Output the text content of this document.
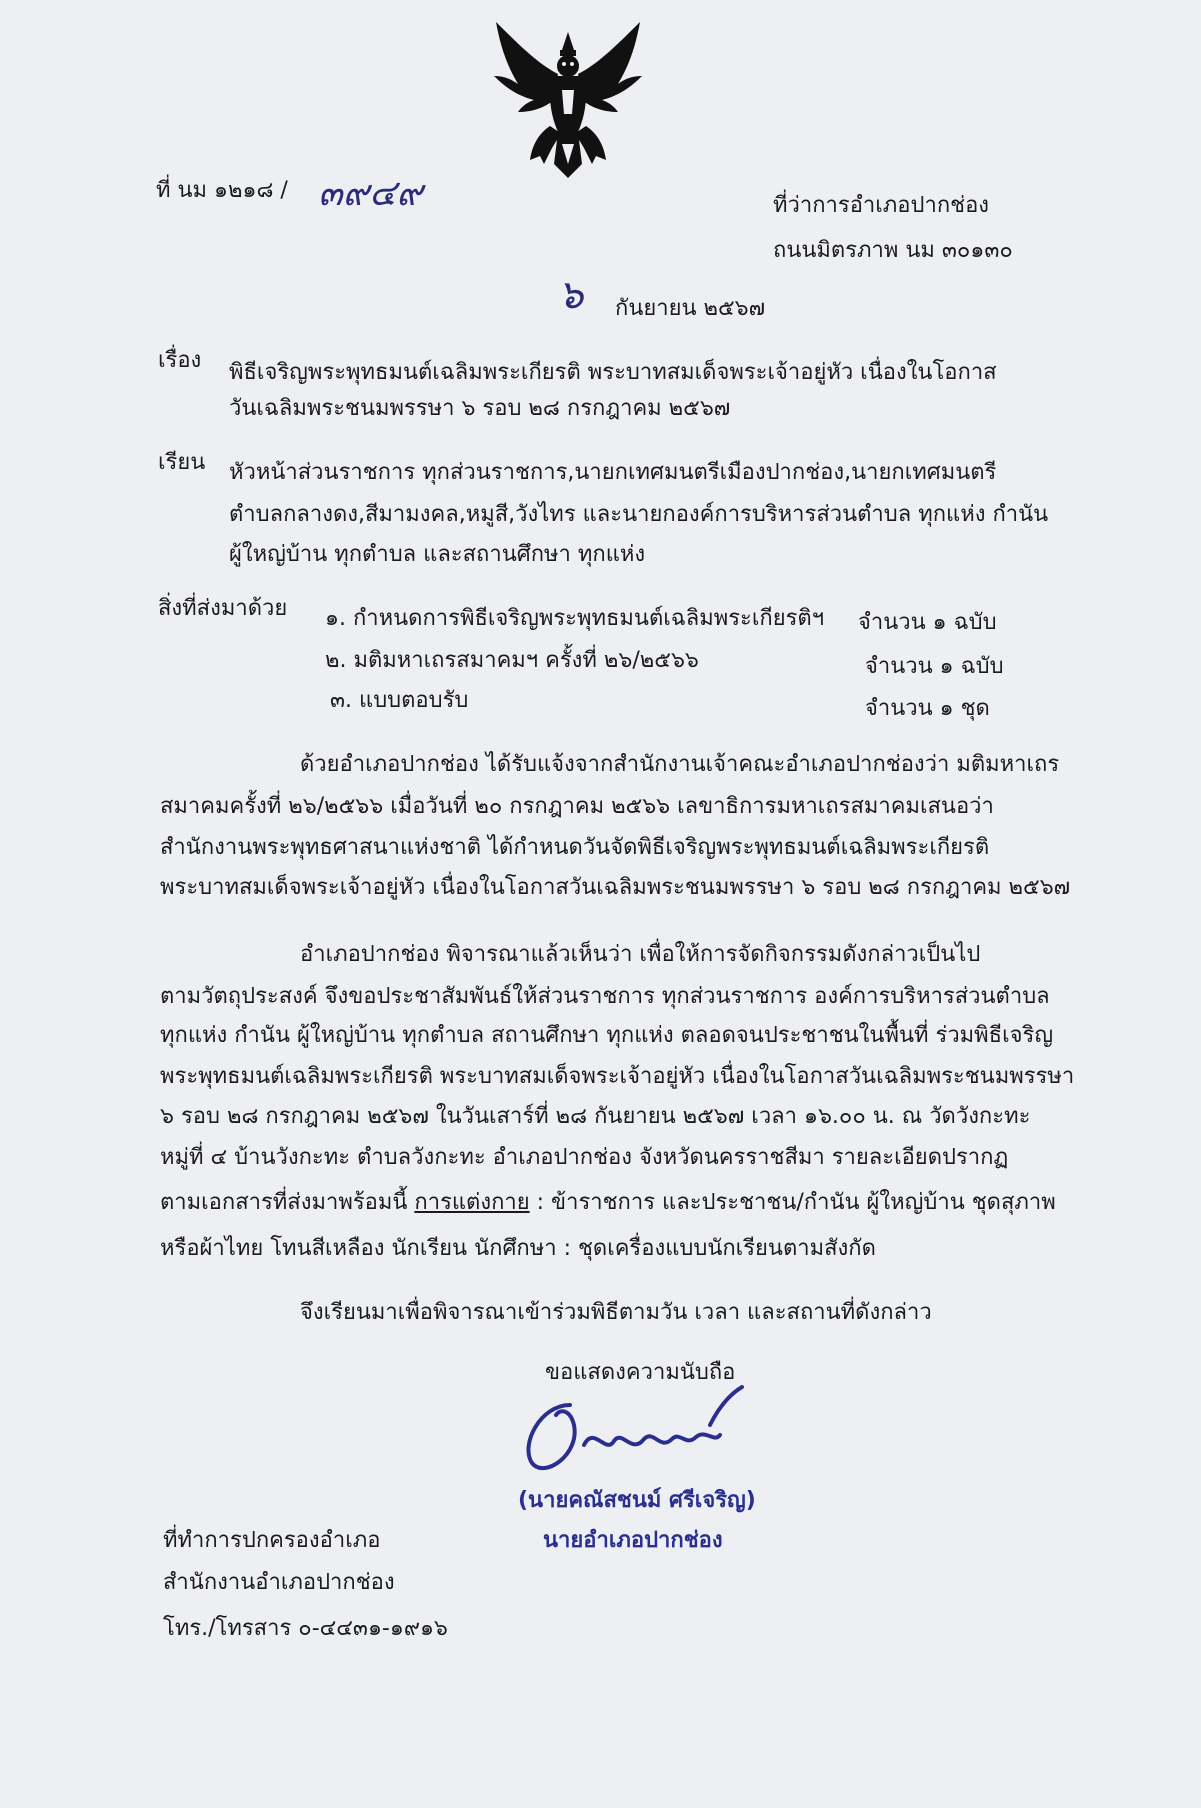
ที่ นม ๑๒๑๘ / ๓๙๔๙	ที่ว่าการอำเภอปากช่อง
ถนนมิตรภาพ นม ๓๐๑๓๐
๖ กันยายน ๒๕๖๗
เรื่อง พิธีเจริญพระพุทธมนต์เฉลิมพระเกียรติ พระบาทสมเด็จพระเจ้าอยู่หัว เนื่องในโอกาส
วันเฉลิมพระชนมพรรษา ๖ รอบ ๒๘ กรกฎาคม ๒๕๖๗
เรียน หัวหน้าส่วนราชการ ทุกส่วนราชการ,นายกเทศมนตรีเมืองปากช่อง,นายกเทศมนตรี
ตำบลกลางดง,สีมามงคล,หมูสี,วังไทร และนายกองค์การบริหารส่วนตำบล ทุกแห่ง กำนัน
ผู้ใหญ่บ้าน ทุกตำบล และสถานศึกษา ทุกแห่ง
สิ่งที่ส่งมาด้วย ๑. กำหนดการพิธีเจริญพระพุทธมนต์เฉลิมพระเกียรติฯ จำนวน ๑ ฉบับ
๒. มติมหาเถรสมาคมฯ ครั้งที่ ๒๖/๒๕๖๖	จำนวน ๑ ฉบับ
๓. แบบตอบรับ	จำนวน ๑ ชุด
ด้วยอำเภอปากช่อง ได้รับแจ้งจากสำนักงานเจ้าคณะอำเภอปากช่องว่า มติมหาเถร
สมาคมครั้งที่ ๒๖/๒๕๖๖ เมื่อวันที่ ๒๐ กรกฎาคม ๒๕๖๖ เลขาธิการมหาเถรสมาคมเสนอว่า
สำนักงานพระพุทธศาสนาแห่งชาติ ได้กำหนดวันจัดพิธีเจริญพระพุทธมนต์เฉลิมพระเกียรติ
พระบาทสมเด็จพระเจ้าอยู่หัว เนื่องในโอกาสวันเฉลิมพระชนมพรรษา ๖ รอบ ๒๘ กรกฎาคม ๒๕๖๗
อำเภอปากช่อง พิจารณาแล้วเห็นว่า เพื่อให้การจัดกิจกรรมดังกล่าวเป็นไป
ตามวัตถุประสงค์ จึงขอประชาสัมพันธ์ให้ส่วนราชการ ทุกส่วนราชการ องค์การบริหารส่วนตำบล
ทุกแห่ง กำนัน ผู้ใหญ่บ้าน ทุกตำบล สถานศึกษา ทุกแห่ง ตลอดจนประชาชนในพื้นที่ ร่วมพิธีเจริญ
พระพุทธมนต์เฉลิมพระเกียรติ พระบาทสมเด็จพระเจ้าอยู่หัว เนื่องในโอกาสวันเฉลิมพระชนมพรรษา
๖ รอบ ๒๘ กรกฎาคม ๒๕๖๗ ในวันเสาร์ที่ ๒๘ กันยายน ๒๕๖๗ เวลา ๑๖.๐๐ น. ณ วัดวังกะทะ
หมู่ที่ ๔ บ้านวังกะทะ ตำบลวังกะทะ อำเภอปากช่อง จังหวัดนครราชสีมา รายละเอียดปรากฏ
ตามเอกสารที่ส่งมาพร้อมนี้ การแต่งกาย : ข้าราชการ และประชาชน/กำนัน ผู้ใหญ่บ้าน ชุดสุภาพ
หรือผ้าไทย โทนสีเหลือง นักเรียน นักศึกษา : ชุดเครื่องแบบนักเรียนตามสังกัด
จึงเรียนมาเพื่อพิจารณาเข้าร่วมพิธีตามวัน เวลา และสถานที่ดังกล่าว
ขอแสดงความนับถือ
(นายคณัสชนม์ ศรีเจริญ)
นายอำเภอปากช่อง
ที่ทำการปกครองอำเภอ
สำนักงานอำเภอปากช่อง
โทร./โทรสาร ๐-๔๔๓๑-๑๙๑๖
